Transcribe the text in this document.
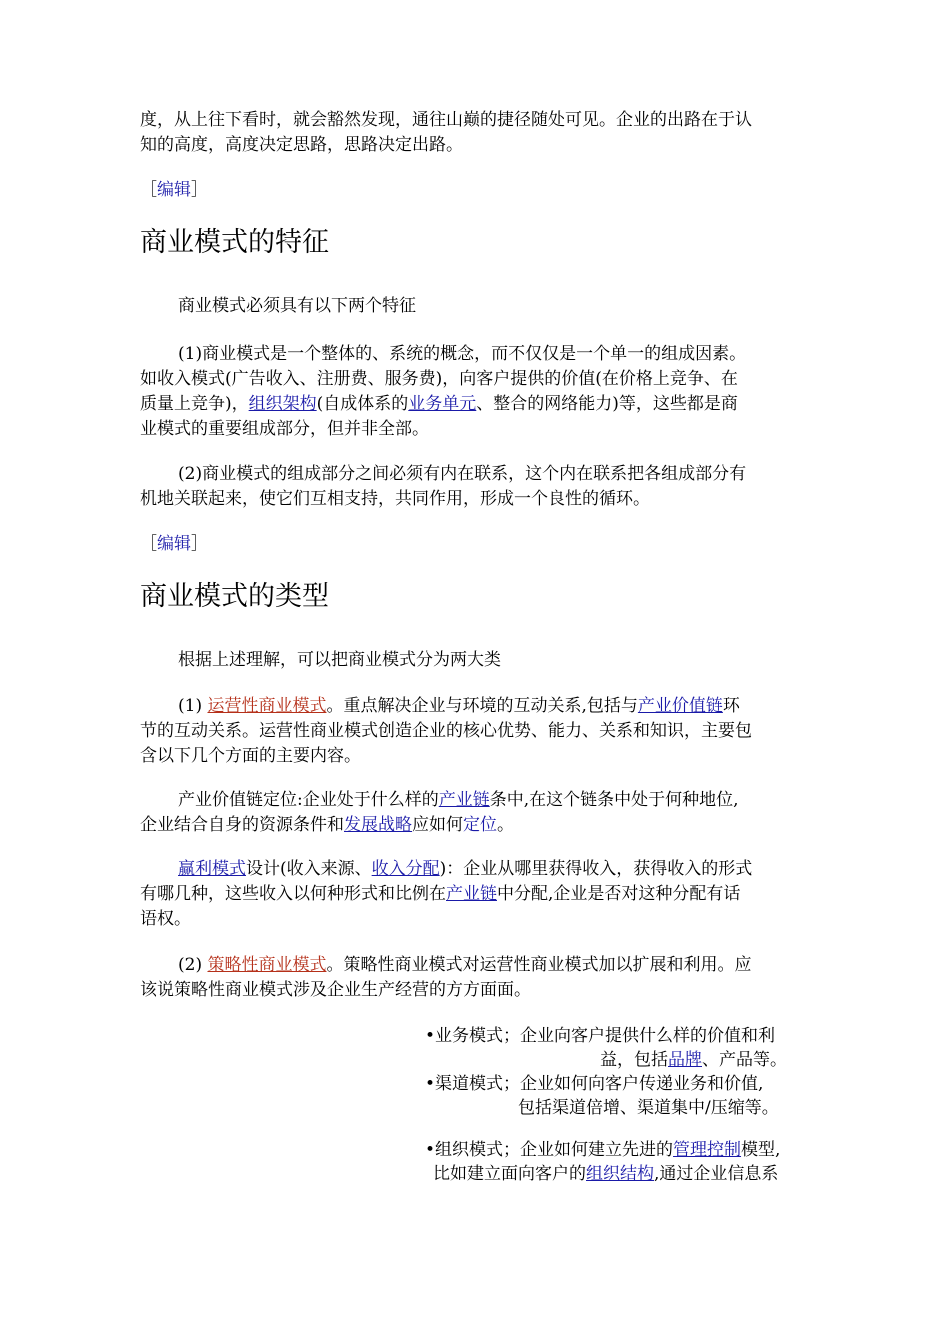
度，从上往下看时，就会豁然发现，通往山巅的捷径随处可见。企业的出路在于认
知的高度，高度决定思路，思路决定出路。

［编辑］
商业模式的特征

商业模式必须具有以下两个特征

(1)商业模式是一个整体的、系统的概念，而不仅仅是一个单一的组成因素。
如收入模式(广告收入、注册费、服务费)，向客户提供的价值(在价格上竞争、在
质量上竞争)，组织架构(自成体系的业务单元、整合的网络能力)等，这些都是商
业模式的重要组成部分，但并非全部。

(2)商业模式的组成部分之间必须有内在联系，这个内在联系把各组成部分有
机地关联起来，使它们互相支持，共同作用，形成一个良性的循环。

［编辑］
商业模式的类型

根据上述理解，可以把商业模式分为两大类

(1) 运营性商业模式。重点解决企业与环境的互动关系,包括与产业价值链环
节的互动关系。运营性商业模式创造企业的核心优势、能力、关系和知识，主要包
含以下几个方面的主要内容。

产业价值链定位:企业处于什么样的产业链条中,在这个链条中处于何种地位,
企业结合自身的资源条件和发展战略应如何定位。

赢利模式设计(收入来源、收入分配)：企业从哪里获得收入，获得收入的形式
有哪几种，这些收入以何种形式和比例在产业链中分配,企业是否对这种分配有话
语权。

(2) 策略性商业模式。策略性商业模式对运营性商业模式加以扩展和利用。应
该说策略性商业模式涉及企业生产经营的方方面面。

•业务模式；企业向客户提供什么样的价值和利
益，包括品牌、产品等。
•渠道模式；企业如何向客户传递业务和价值,
包括渠道倍增、渠道集中/压缩等。
•组织模式；企业如何建立先进的管理控制模型,
比如建立面向客户的组织结构,通过企业信息系
